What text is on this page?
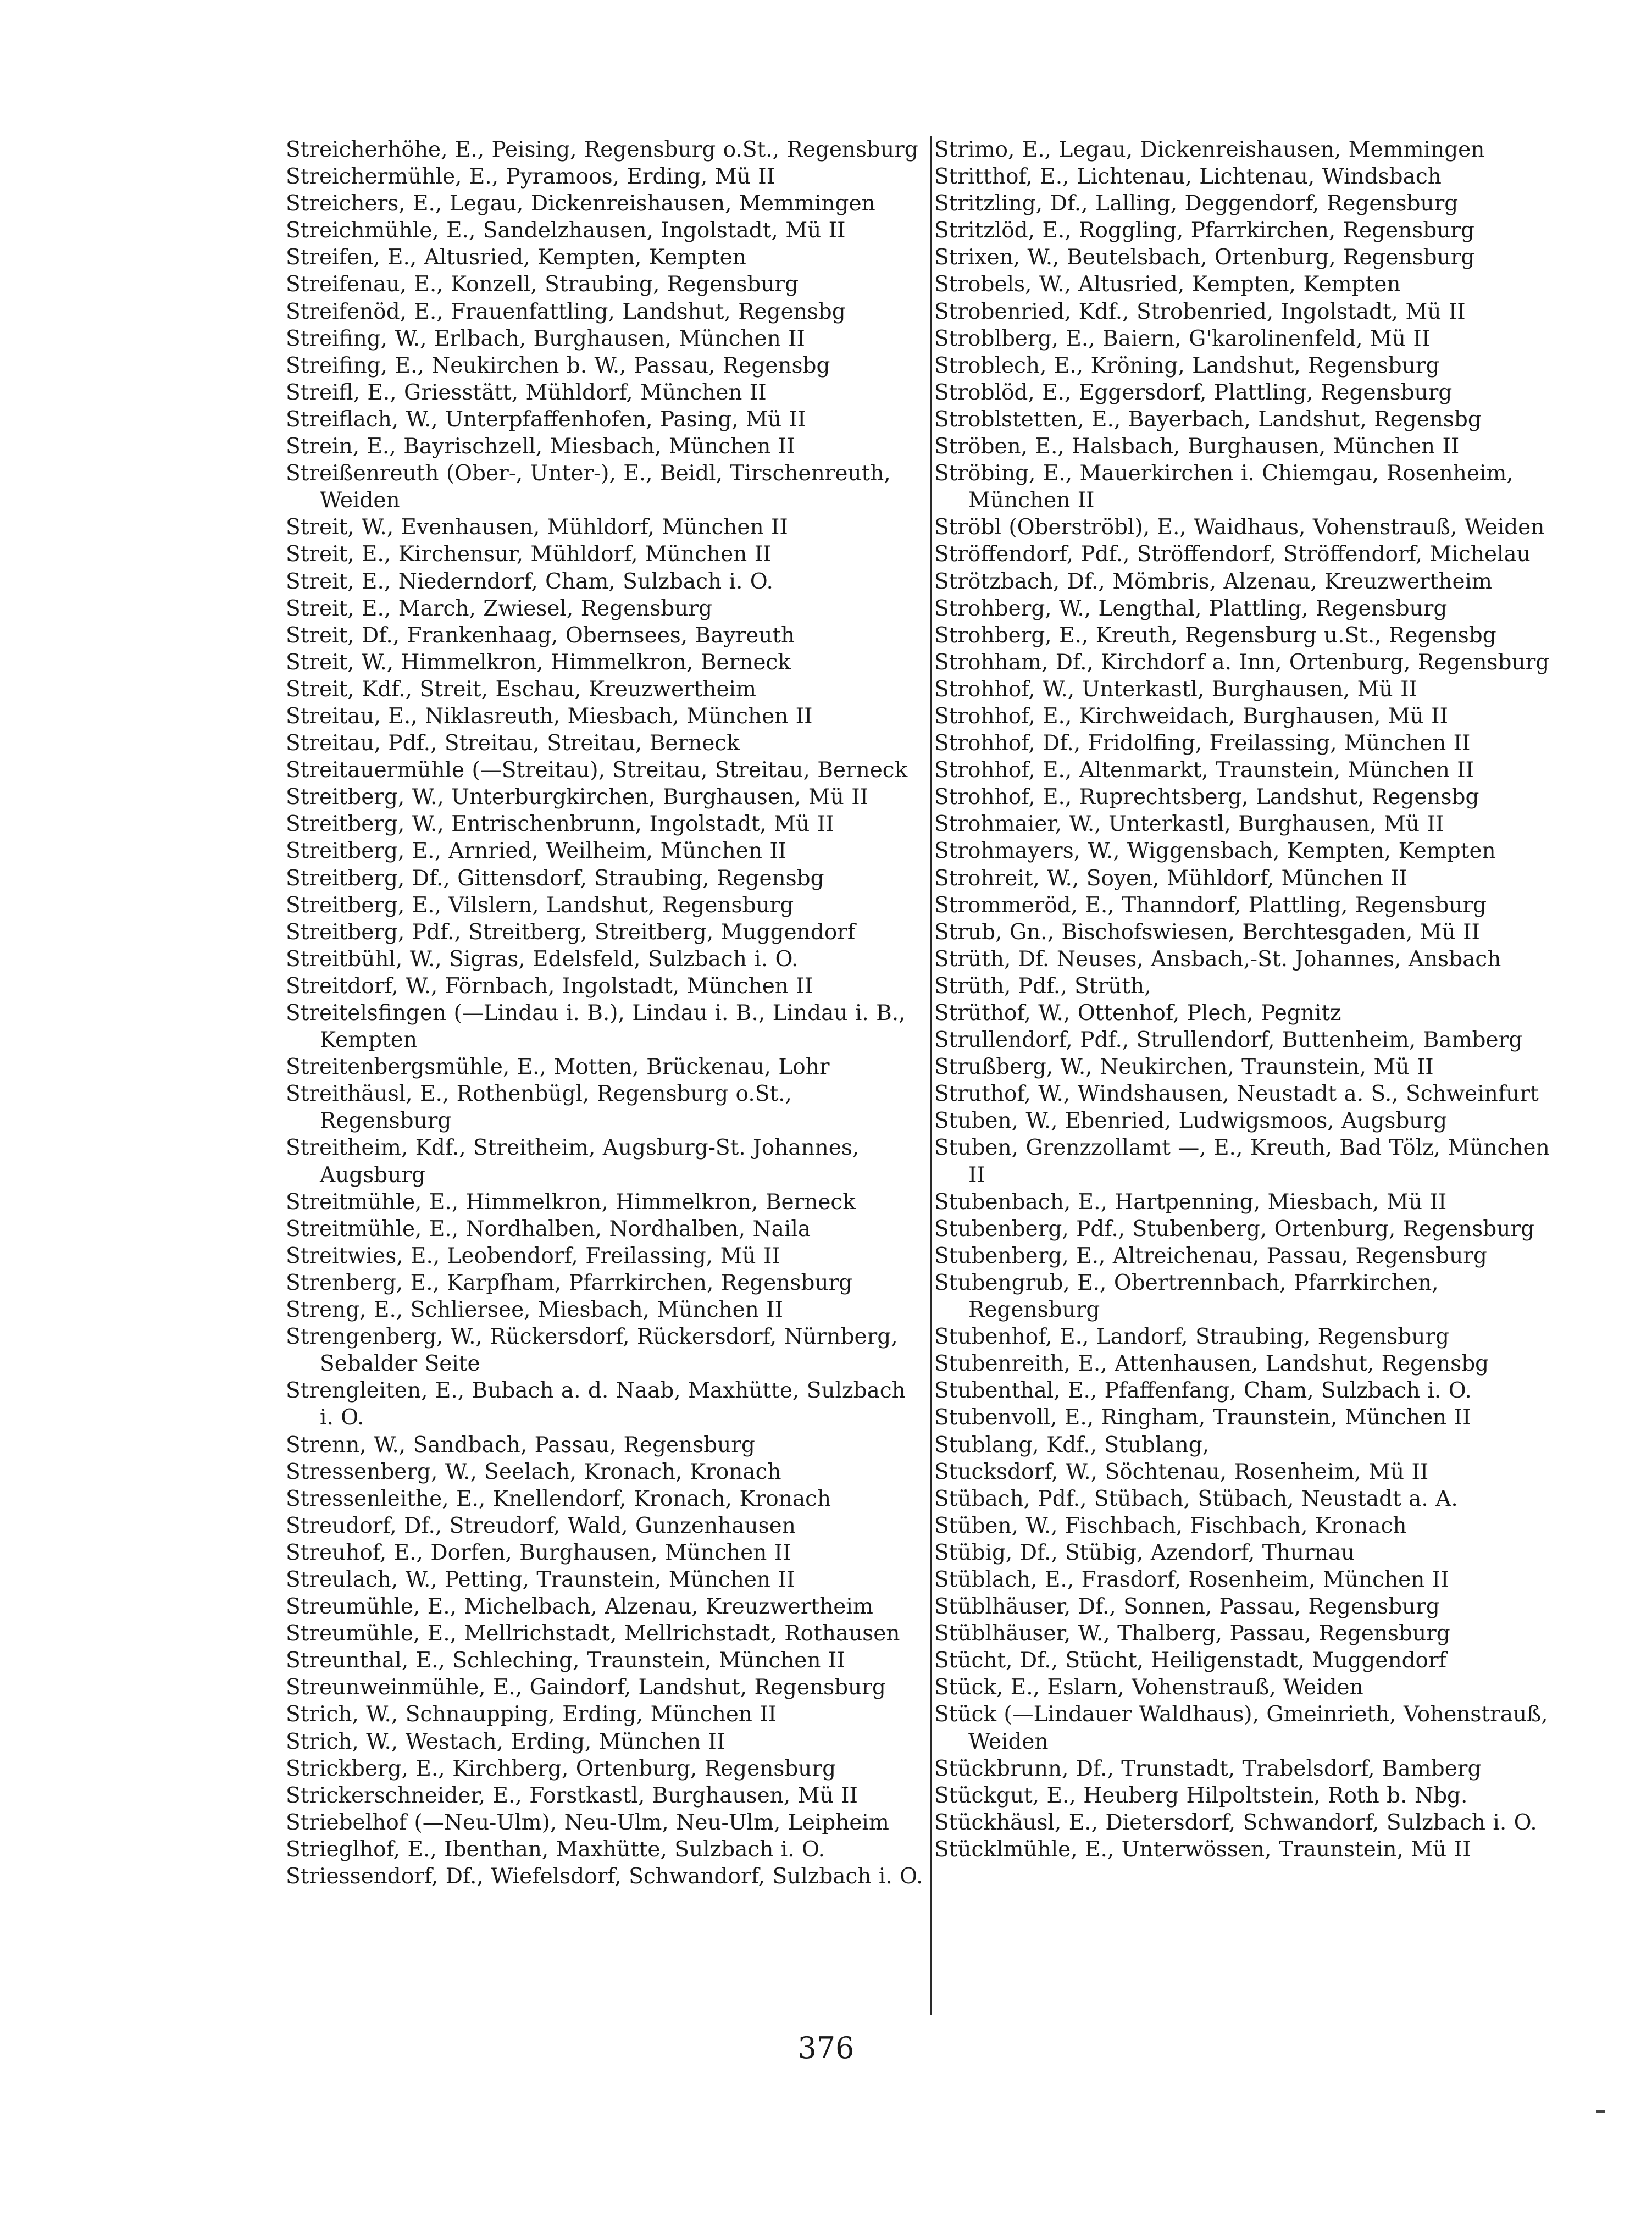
Streicherhöhe, E., Peising, Regensburg o.St., Regensburg
Streichermühle, E., Pyramoos, Erding, Mü II
Streichers, E., Legau, Dickenreishausen, Memmingen
Streichmühle, E., Sandelzhausen, Ingolstadt, Mü II
Streifen, E., Altusried, Kempten, Kempten
Streifenau, E., Konzell, Straubing, Regensburg
Streifenöd, E., Frauenfattling, Landshut, Regensbg
Streifing, W., Erlbach, Burghausen, München II
Streifing, E., Neukirchen b. W., Passau, Regensbg
Streifl, E., Griesstätt, Mühldorf, München II
Streiflach, W., Unterpfaffenhofen, Pasing, Mü II
Strein, E., Bayrischzell, Miesbach, München II
Streißenreuth (Ober-, Unter-), E., Beidl, Tirschenreuth, Weiden
Streit, W., Evenhausen, Mühldorf, München II
Streit, E., Kirchensur, Mühldorf, München II
Streit, E., Niederndorf, Cham, Sulzbach i. O.
Streit, E., March, Zwiesel, Regensburg
Streit, Df., Frankenhaag, Obernsees, Bayreuth
Streit, W., Himmelkron, Himmelkron, Berneck
Streit, Kdf., Streit, Eschau, Kreuzwertheim
Streitau, E., Niklasreuth, Miesbach, München II
Streitau, Pdf., Streitau, Streitau, Berneck
Streitauermühle (—Streitau), Streitau, Streitau, Berneck
Streitberg, W., Unterburgkirchen, Burghausen, Mü II
Streitberg, W., Entrischenbrunn, Ingolstadt, Mü II
Streitberg, E., Arnried, Weilheim, München II
Streitberg, Df., Gittensdorf, Straubing, Regensbg
Streitberg, E., Vilslern, Landshut, Regensburg
Streitberg, Pdf., Streitberg, Streitberg, Muggendorf
Streitbühl, W., Sigras, Edelsfeld, Sulzbach i. O.
Streitdorf, W., Förnbach, Ingolstadt, München II
Streitelsfingen (—Lindau i. B.), Lindau i. B., Lindau i. B., Kempten
Streitenbergsmühle, E., Motten, Brückenau, Lohr
Streithäusl, E., Rothenbügl, Regensburg o.St., Regensburg
Streitheim, Kdf., Streitheim, Augsburg-St. Johannes, Augsburg
Streitmühle, E., Himmelkron, Himmelkron, Berneck
Streitmühle, E., Nordhalben, Nordhalben, Naila
Streitwies, E., Leobendorf, Freilassing, Mü II
Strenberg, E., Karpfham, Pfarrkirchen, Regensburg
Streng, E., Schliersee, Miesbach, München II
Strengenberg, W., Rückersdorf, Rückersdorf, Nürnberg, Sebalder Seite
Strengleiten, E., Bubach a. d. Naab, Maxhütte, Sulzbach i. O.
Strenn, W., Sandbach, Passau, Regensburg
Stressenberg, W., Seelach, Kronach, Kronach
Stressenleithe, E., Knellendorf, Kronach, Kronach
Streudorf, Df., Streudorf, Wald, Gunzenhausen
Streuhof, E., Dorfen, Burghausen, München II
Streulach, W., Petting, Traunstein, München II
Streumühle, E., Michelbach, Alzenau, Kreuzwertheim
Streumühle, E., Mellrichstadt, Mellrichstadt, Rothausen
Streunthal, E., Schleching, Traunstein, München II
Streunweinmühle, E., Gaindorf, Landshut, Regensburg
Strich, W., Schnaupping, Erding, München II
Strich, W., Westach, Erding, München II
Strickberg, E., Kirchberg, Ortenburg, Regensburg
Strickerschneider, E., Forstkastl, Burghausen, Mü II
Striebelhof (—Neu-Ulm), Neu-Ulm, Neu-Ulm, Leipheim
Strieglhof, E., Ibenthan, Maxhütte, Sulzbach i. O.
Striessendorf, Df., Wiefelsdorf, Schwandorf, Sulzbach i. O.
Strimo, E., Legau, Dickenreishausen, Memmingen
Stritthof, E., Lichtenau, Lichtenau, Windsbach
Stritzling, Df., Lalling, Deggendorf, Regensburg
Stritzlöd, E., Roggling, Pfarrkirchen, Regensburg
Strixen, W., Beutelsbach, Ortenburg, Regensburg
Strobels, W., Altusried, Kempten, Kempten
Strobenried, Kdf., Strobenried, Ingolstadt, Mü II
Stroblberg, E., Baiern, G'karolinenfeld, Mü II
Stroblech, E., Kröning, Landshut, Regensburg
Stroblöd, E., Eggersdorf, Plattling, Regensburg
Stroblstetten, E., Bayerbach, Landshut, Regensbg
Ströben, E., Halsbach, Burghausen, München II
Ströbing, E., Mauerkirchen i. Chiemgau, Rosenheim, München II
Ströbl (Oberströbl), E., Waidhaus, Vohenstrauß, Weiden
Ströffendorf, Pdf., Ströffendorf, Ströffendorf, Michelau
Strötzbach, Df., Mömbris, Alzenau, Kreuzwertheim
Strohberg, W., Lengthal, Plattling, Regensburg
Strohberg, E., Kreuth, Regensburg u.St., Regensbg
Strohham, Df., Kirchdorf a. Inn, Ortenburg, Regensburg
Strohhof, W., Unterkastl, Burghausen, Mü II
Strohhof, E., Kirchweidach, Burghausen, Mü II
Strohhof, Df., Fridolfing, Freilassing, München II
Strohhof, E., Altenmarkt, Traunstein, München II
Strohhof, E., Ruprechtsberg, Landshut, Regensbg
Strohmaier, W., Unterkastl, Burghausen, Mü II
Strohmayers, W., Wiggensbach, Kempten, Kempten
Strohreit, W., Soyen, Mühldorf, München II
Strommeröd, E., Thanndorf, Plattling, Regensburg
Strub, Gn., Bischofswiesen, Berchtesgaden, Mü II
Strüth, Df. Neuses, Ansbach,-St. Johannes, Ansbach
Strüth, Pdf., Strüth,
Strüthof, W., Ottenhof, Plech, Pegnitz
Strullendorf, Pdf., Strullendorf, Buttenheim, Bamberg
Strußberg, W., Neukirchen, Traunstein, Mü II
Struthof, W., Windshausen, Neustadt a. S., Schweinfurt
Stuben, W., Ebenried, Ludwigsmoos, Augsburg
Stuben, Grenzzollamt —, E., Kreuth, Bad Tölz, München II
Stubenbach, E., Hartpenning, Miesbach, Mü II
Stubenberg, Pdf., Stubenberg, Ortenburg, Regensburg
Stubenberg, E., Altreichenau, Passau, Regensburg
Stubengrub, E., Obertrennbach, Pfarrkirchen, Regensburg
Stubenhof, E., Landorf, Straubing, Regensburg
Stubenreith, E., Attenhausen, Landshut, Regensbg
Stubenthal, E., Pfaffenfang, Cham, Sulzbach i. O.
Stubenvoll, E., Ringham, Traunstein, München II
Stublang, Kdf., Stublang,
Stucksdorf, W., Söchtenau, Rosenheim, Mü II
Stübach, Pdf., Stübach, Stübach, Neustadt a. A.
Stüben, W., Fischbach, Fischbach, Kronach
Stübig, Df., Stübig, Azendorf, Thurnau
Stüblach, E., Frasdorf, Rosenheim, München II
Stüblhäuser, Df., Sonnen, Passau, Regensburg
Stüblhäuser, W., Thalberg, Passau, Regensburg
Stücht, Df., Stücht, Heiligenstadt, Muggendorf
Stück, E., Eslarn, Vohenstrauß, Weiden
Stück (—Lindauer Waldhaus), Gmeinrieth, Vohenstrauß, Weiden
Stückbrunn, Df., Trunstadt, Trabelsdorf, Bamberg
Stückgut, E., Heuberg Hilpoltstein, Roth b. Nbg.
Stückhäusl, E., Dietersdorf, Schwandorf, Sulzbach i. O.
Stücklmühle, E., Unterwössen, Traunstein, Mü II
376
